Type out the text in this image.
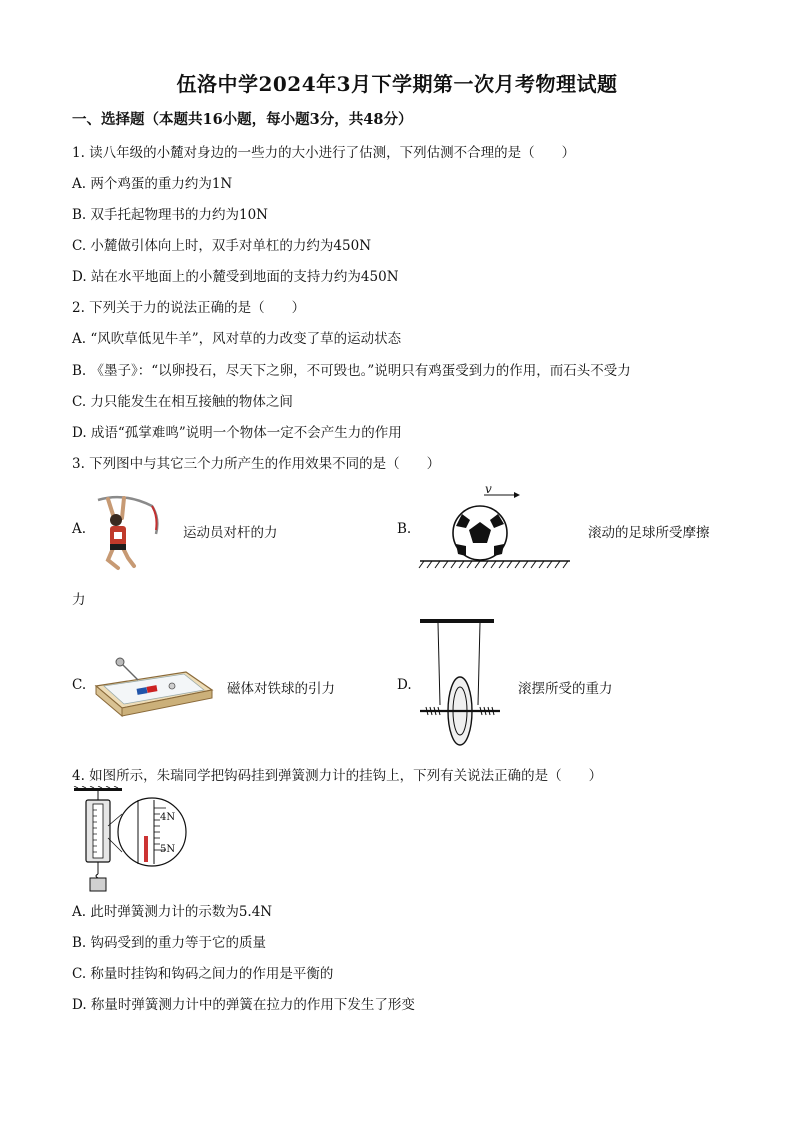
伍洛中学2024年3月下学期第一次月考物理试题
一、选择题（本题共16小题，每小题3分，共48分）
1. 读八年级的小麓对身边的一些力的大小进行了估测，下列估测不合理的是（　　）
A. 两个鸡蛋的重力约为1N
B. 双手托起物理书的力约为10N
C. 小麓做引体向上时，双手对单杠的力约为450N
D. 站在水平地面上的小麓受到地面的支持力约为450N
2. 下列关于力的说法正确的是（　　）
A. “风吹草低见牛羊”，风对草的力改变了草的运动状态
B. 《墨子》：“以卵投石，尽天下之卵，不可毁也。”说明只有鸡蛋受到力的作用，而石头不受力
C. 力只能发生在相互接触的物体之间
D. 成语“孤掌难鸣”说明一个物体一定不会产生力的作用
3. 下列图中与其它三个力所产生的作用效果不同的是（　　）
A.	运动员对杆的力	B.
v
滚动的足球所受摩擦
力
C.	磁体对铁球的引力	D.	滚摆所受的重力
4. 如图所示，朱瑞同学把钩码挂到弹簧测力计的挂钩上，下列有关说法正确的是（　　）
4N
5N
A. 此时弹簧测力计的示数为5.4N
B. 钩码受到的重力等于它的质量
C. 称量时挂钩和钩码之间力的作用是平衡的
D. 称量时弹簧测力计中的弹簧在拉力的作用下发生了形变
